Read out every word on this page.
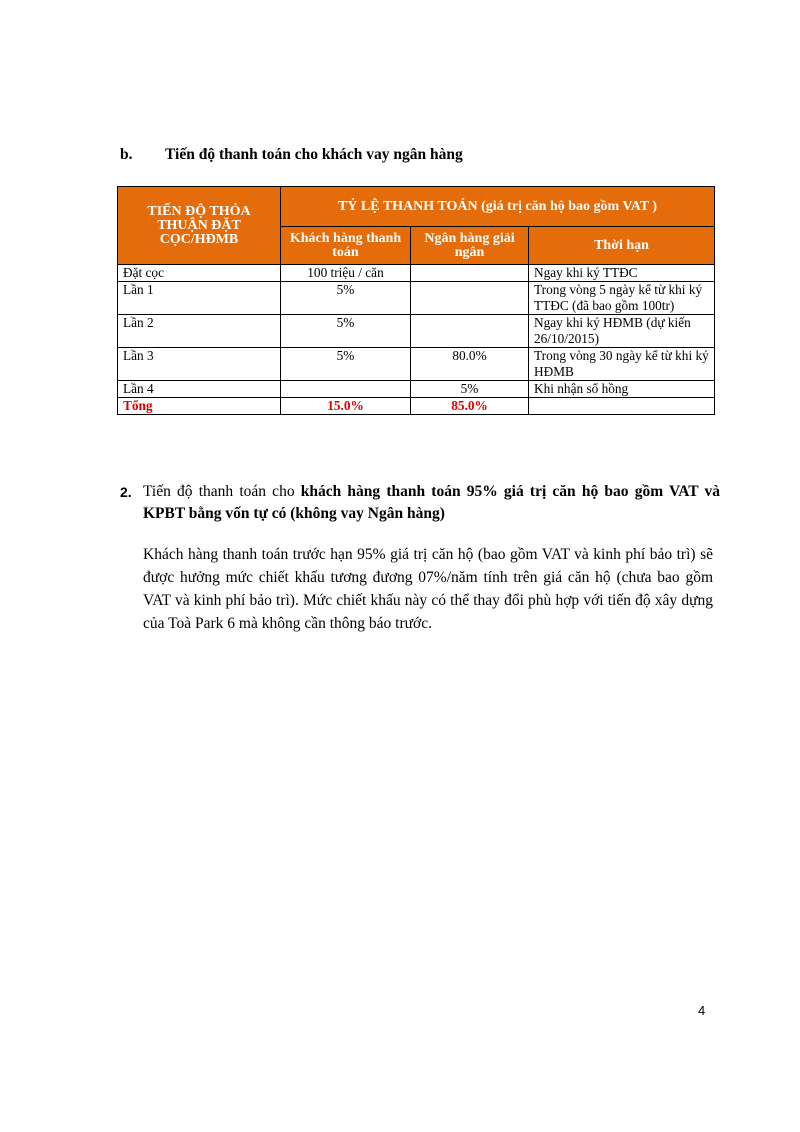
b. Tiến độ thanh toán cho khách vay ngân hàng
TIẾN ĐỘ THỎA THUẬN ĐẶT CỌC/HĐMB	TỶ LỆ THANH TOÁN (giá trị căn hộ bao gồm VAT )		
	Khách hàng thanh toán	Ngân hàng giải ngân	Thời hạn
Đặt cọc	100 triệu / căn		Ngay khi ký TTĐC
Lần 1	5%		Trong vòng 5 ngày kể từ khi ký TTĐC (đã bao gồm 100tr)
Lần 2	5%		Ngay khi ký HĐMB (dự kiến 26/10/2015)
Lần 3	5%	80.0%	Trong vòng 30 ngày kể từ khi ký HĐMB
Lần 4		5%	Khi nhận sổ hồng
Tổng	15.0%	85.0%	
2. Tiến độ thanh toán cho khách hàng thanh toán 95% giá trị căn hộ bao gồm VAT và KPBT bằng vốn tự có (không vay Ngân hàng)
Khách hàng thanh toán trước hạn 95% giá trị căn hộ (bao gồm VAT và kinh phí bảo trì) sẽ được hưởng mức chiết khấu tương đương 07%/năm tính trên giá căn hộ (chưa bao gồm VAT và kinh phí bảo trì). Mức chiết khấu này có thể thay đổi phù hợp với tiến độ xây dựng của Toà Park 6 mà không cần thông báo trước.
4
